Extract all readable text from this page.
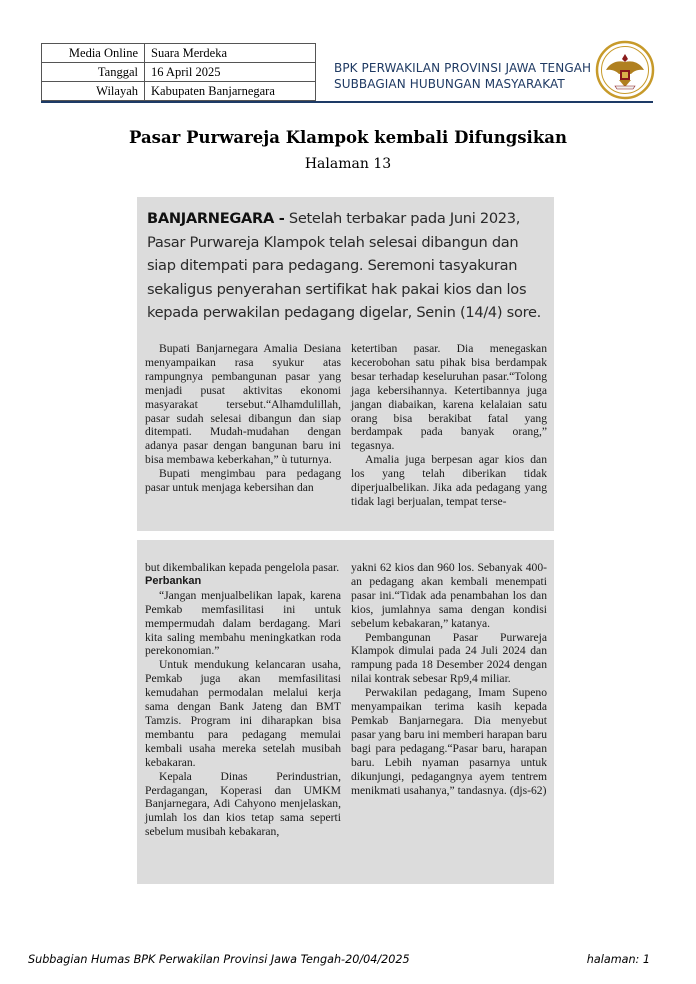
Media Online	Suara Merdeka
Tanggal	16 April 2025
Wilayah	Kabupaten Banjarnegara
BPK PERWAKILAN PROVINSI JAWA TENGAH
SUBBAGIAN HUBUNGAN MASYARAKAT
Pasar Purwareja Klampok kembali Difungsikan
Halaman 13
BANJARNEGARA - Setelah terbakar pada Juni 2023, Pasar Purwareja Klampok telah selesai dibangun dan siap ditempati para pedagang. Seremoni tasyakuran sekaligus penyerahan sertifikat hak pakai kios dan los kepada perwakilan pedagang digelar, Senin (14/4) sore.

Bupati Banjarnegara Amalia Desiana menyampaikan rasa syukur atas rampungnya pembangunan pasar yang menjadi pusat aktivitas ekonomi masyarakat tersebut.“Alhamdulillah, pasar sudah selesai dibangun dan siap ditempati. Mudah-mudahan dengan adanya pasar dengan bangunan baru ini bisa membawa keberkahan,” ù tuturnya.

Bupati mengimbau para pedagang pasar untuk menjaga kebersihan dan

ketertiban pasar. Dia menegaskan kecerobohan satu pihak bisa berdampak besar terhadap keseluruhan pasar.“Tolong jaga kebersihannya. Ketertibannya juga jangan diabaikan, karena kelalaian satu orang bisa berakibat fatal yang berdampak pada banyak orang,” tegasnya.

Amalia juga berpesan agar kios dan los yang telah diberikan tidak diperjualbelikan. Jika ada pedagang yang tidak lagi berjualan, tempat terse-

but dikembalikan kepada pengelola pasar.

Perbankan

“Jangan menjualbelikan lapak, karena Pemkab memfasilitasi ini untuk mempermudah dalam berdagang. Mari kita saling membahu meningkatkan roda perekonomian.”

Untuk mendukung kelancaran usaha, Pemkab juga akan memfasilitasi kemudahan permodalan melalui kerja sama dengan Bank Jateng dan BMT Tamzis. Program ini diharapkan bisa membantu para pedagang memulai kembali usaha mereka setelah musibah kebakaran.

Kepala Dinas Perindustrian, Perdagangan, Koperasi dan UMKM Banjarnegara, Adi Cahyono menjelaskan, jumlah los dan kios tetap sama seperti sebelum musibah kebakaran,

yakni 62 kios dan 960 los. Sebanyak 400-an pedagang akan kembali menempati pasar ini.“Tidak ada penambahan los dan kios, jumlahnya sama dengan kondisi sebelum kebakaran,” katanya.

Pembangunan Pasar Purwareja Klampok dimulai pada 24 Juli 2024 dan rampung pada 18 Desember 2024 dengan nilai kontrak sebesar Rp9,4 miliar.

Perwakilan pedagang, Imam Supeno menyampaikan terima kasih kepada Pemkab Banjarnegara. Dia menyebut pasar yang baru ini memberi harapan baru bagi para pedagang.“Pasar baru, harapan baru. Lebih nyaman pasarnya untuk dikunjungi, pedagangnya ayem tentrem menikmati usahanya,” tandasnya. (djs-62)

Subbagian Humas BPK Perwakilan Provinsi Jawa Tengah-20/04/2025	halaman: 1
